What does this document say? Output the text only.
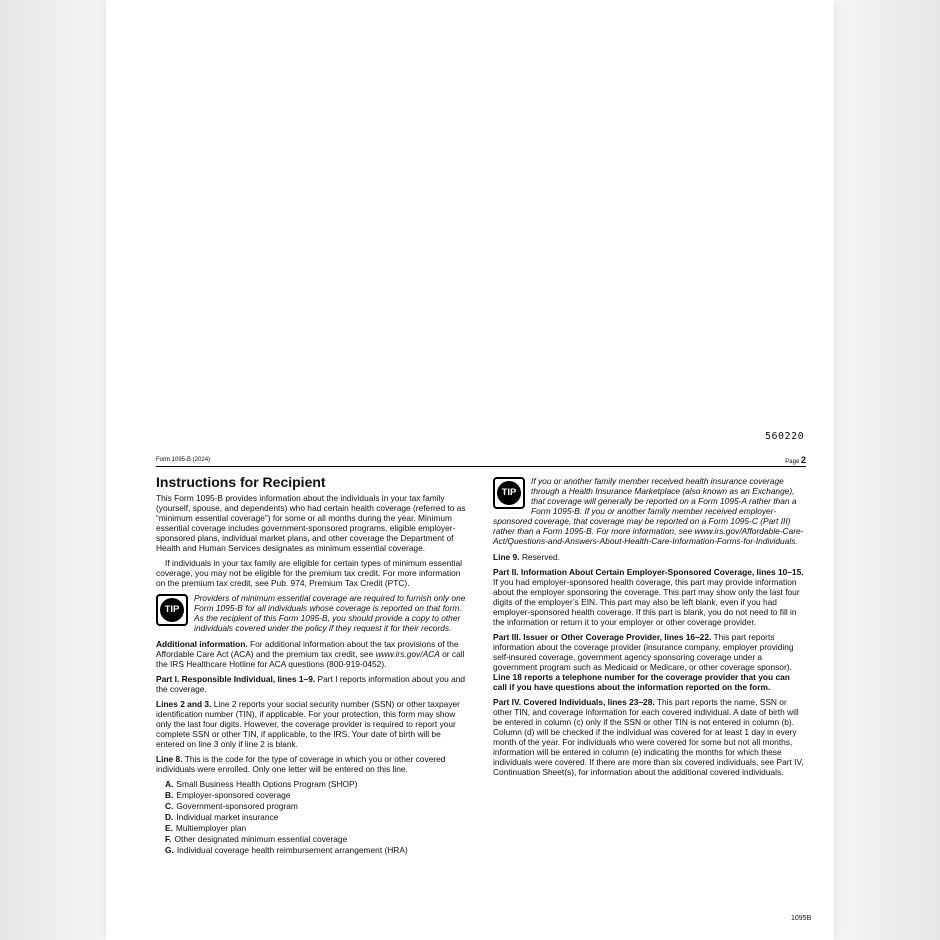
560220
Form 1095-B (2024)	Page 2
Instructions for Recipient

This Form 1095-B provides information about the individuals in your tax family (yourself, spouse, and dependents) who had certain health coverage (referred to as “minimum essential coverage”) for some or all months during the year. Minimum essential coverage includes government-sponsored programs, eligible employer-sponsored plans, individual market plans, and other coverage the Department of Health and Human Services designates as minimum essential coverage.

If individuals in your tax family are eligible for certain types of minimum essential coverage, you may not be eligible for the premium tax credit. For more information on the premium tax credit, see Pub. 974, Premium Tax Credit (PTC).

TIP
Providers of minimum essential coverage are required to furnish only one Form 1095-B for all individuals whose coverage is reported on that form. As the recipient of this Form 1095-B, you should provide a copy to other individuals covered under the policy if they request it for their records.

Additional information. For additional information about the tax provisions of the Affordable Care Act (ACA) and the premium tax credit, see www.irs.gov/ACA or call the IRS Healthcare Hotline for ACA questions (800-919-0452).

Part I. Responsible Individual, lines 1–9. Part I reports information about you and the coverage.

Lines 2 and 3. Line 2 reports your social security number (SSN) or other taxpayer identification number (TIN), if applicable. For your protection, this form may show only the last four digits. However, the coverage provider is required to report your complete SSN or other TIN, if applicable, to the IRS. Your date of birth will be entered on line 3 only if line 2 is blank.

Line 8. This is the code for the type of coverage in which you or other covered individuals were enrolled. Only one letter will be entered on this line.

A. Small Business Health Options Program (SHOP)
B. Employer-sponsored coverage
C. Government-sponsored program
D. Individual market insurance
E. Multiemployer plan
F. Other designated minimum essential coverage
G. Individual coverage health reimbursement arrangement (HRA)
TIP
If you or another family member received health insurance coverage through a Health Insurance Marketplace (also known as an Exchange), that coverage will generally be reported on a Form 1095-A rather than a Form 1095-B. If you or another family member received employer-sponsored coverage, that coverage may be reported on a Form 1095-C (Part III) rather than a Form 1095-B. For more information, see www.irs.gov/Affordable-Care-Act/Questions-and-Answers-About-Health-Care-Information-Forms-for-Individuals.

Line 9. Reserved.

Part II. Information About Certain Employer-Sponsored Coverage, lines 10–15. If you had employer-sponsored health coverage, this part may provide information about the employer sponsoring the coverage. This part may show only the last four digits of the employer’s EIN. This part may also be left blank, even if you had employer-sponsored health coverage. If this part is blank, you do not need to fill in the information or return it to your employer or other coverage provider.

Part III. Issuer or Other Coverage Provider, lines 16–22. This part reports information about the coverage provider (insurance company, employer providing self-insured coverage, government agency sponsoring coverage under a government program such as Medicaid or Medicare, or other coverage sponsor). Line 18 reports a telephone number for the coverage provider that you can call if you have questions about the information reported on the form.

Part IV. Covered Individuals, lines 23–28. This part reports the name, SSN or other TIN, and coverage information for each covered individual. A date of birth will be entered in column (c) only if the SSN or other TIN is not entered in column (b). Column (d) will be checked if the individual was covered for at least 1 day in every month of the year. For individuals who were covered for some but not all months, information will be entered in column (e) indicating the months for which these individuals were covered. If there are more than six covered individuals, see Part IV, Continuation Sheet(s), for information about the additional covered individuals.

1095B
